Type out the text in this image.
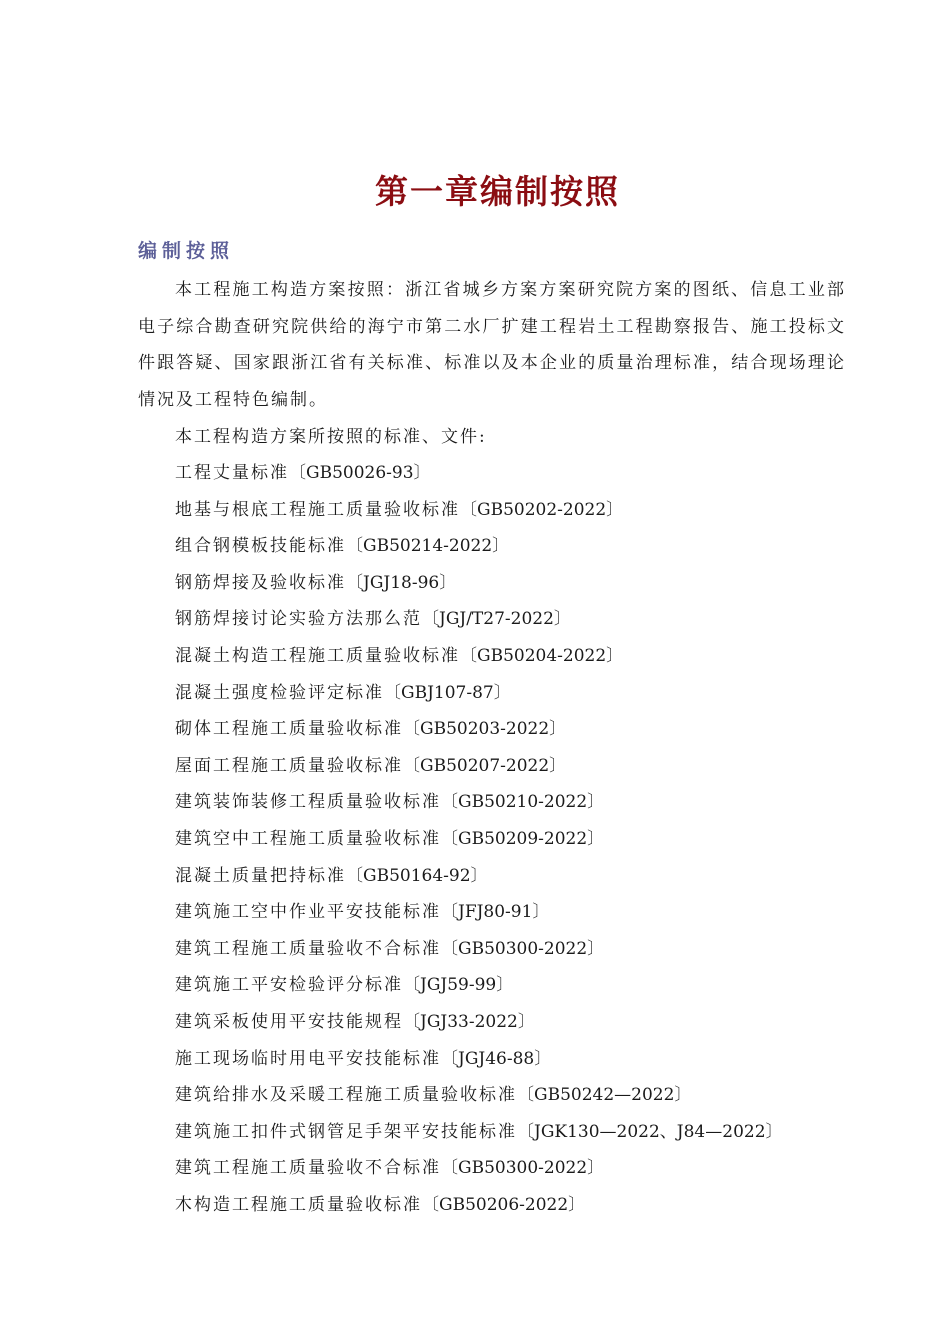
第一章编制按照
编制按照

本工程施工构造方案按照：浙江省城乡方案方案研究院方案的图纸、信息工业部电子综合勘查研究院供给的海宁市第二水厂扩建工程岩土工程勘察报告、施工投标文件跟答疑、国家跟浙江省有关标准、标准以及本企业的质量治理标准，结合现场理论情况及工程特色编制。

本工程构造方案所按照的标准、文件:

工程丈量标准〔GB50026-93〕
地基与根底工程施工质量验收标准〔GB50202-2022〕
组合钢模板技能标准〔GB50214-2022〕
钢筋焊接及验收标准〔JGJ18-96〕
钢筋焊接讨论实验方法那么范〔JGJ/T27-2022〕
混凝土构造工程施工质量验收标准〔GB50204-2022〕
混凝土强度检验评定标准〔GBJ107-87〕
砌体工程施工质量验收标准〔GB50203-2022〕
屋面工程施工质量验收标准〔GB50207-2022〕
建筑装饰装修工程质量验收标准〔GB50210-2022〕
建筑空中工程施工质量验收标准〔GB50209-2022〕
混凝土质量把持标准〔GB50164-92〕
建筑施工空中作业平安技能标准〔JFJ80-91〕
建筑工程施工质量验收不合标准〔GB50300-2022〕
建筑施工平安检验评分标准〔JGJ59-99〕
建筑采板使用平安技能规程〔JGJ33-2022〕
施工现场临时用电平安技能标准〔JGJ46-88〕
建筑给排水及采暖工程施工质量验收标准〔GB50242—2022〕
建筑施工扣件式钢管足手架平安技能标准〔JGK130—2022、J84—2022〕
建筑工程施工质量验收不合标准〔GB50300-2022〕
木构造工程施工质量验收标准〔GB50206-2022〕
